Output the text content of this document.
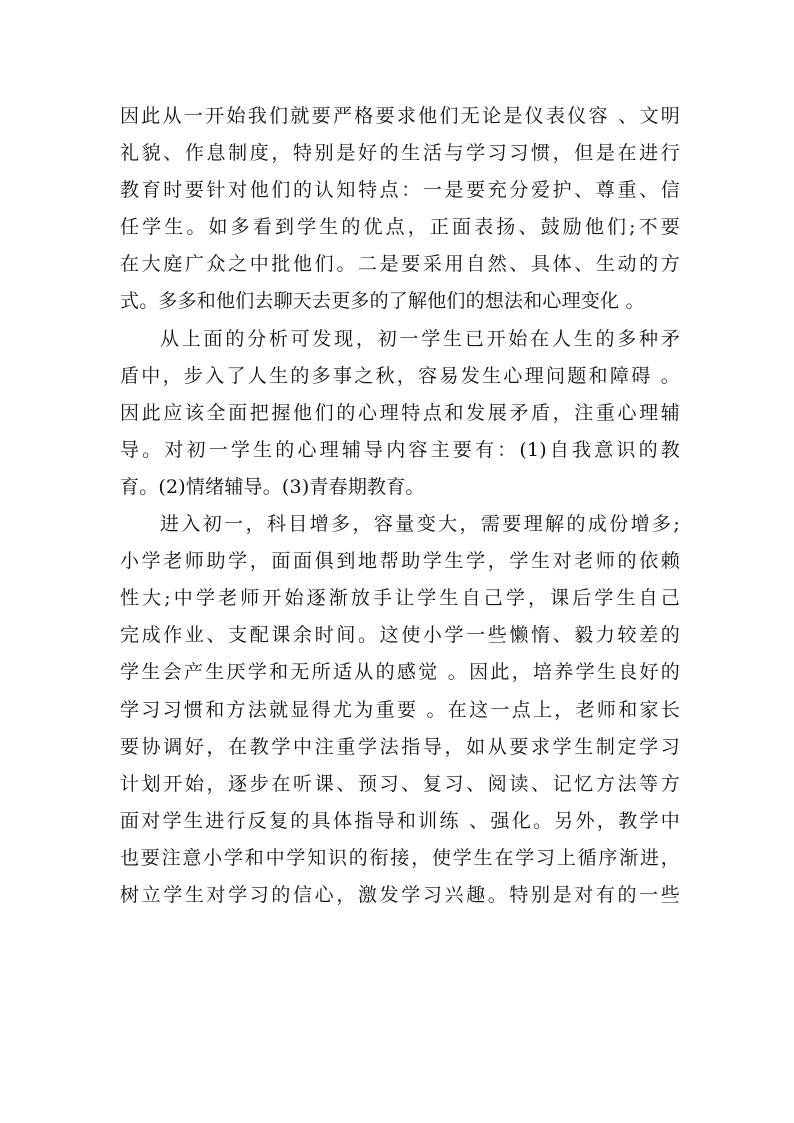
因此从一开始我们就要严格要求他们无论是仪表仪容 、文明
礼貌、作息制度，特别是好的生活与学习习惯，但是在进行
教育时要针对他们的认知特点：一是要充分爱护、尊重、信
任学生。如多看到学生的优点，正面表扬、鼓励他们;不要
在大庭广众之中批他们。二是要采用自然、具体、生动的方
式。多多和他们去聊天去更多的了解他们的想法和心理变化 。
从上面的分析可发现，初一学生已开始在人生的多种矛
盾中，步入了人生的多事之秋，容易发生心理问题和障碍 。
因此应该全面把握他们的心理特点和发展矛盾，注重心理辅
导。对初一学生的心理辅导内容主要有：(1)自我意识的教
育。(2)情绪辅导。(3)青春期教育。
进入初一，科目增多，容量变大，需要理解的成份增多;
小学老师助学，面面俱到地帮助学生学，学生对老师的依赖
性大;中学老师开始逐渐放手让学生自己学，课后学生自己
完成作业、支配课余时间。这使小学一些懒惰、毅力较差的
学生会产生厌学和无所适从的感觉 。因此，培养学生良好的
学习习惯和方法就显得尤为重要 。在这一点上，老师和家长
要协调好，在教学中注重学法指导，如从要求学生制定学习
计划开始，逐步在听课、预习、复习、阅读、记忆方法等方
面对学生进行反复的具体指导和训练 、强化。另外，教学中
也要注意小学和中学知识的衔接，使学生在学习上循序渐进，
树立学生对学习的信心，激发学习兴趣。特别是对有的一些
